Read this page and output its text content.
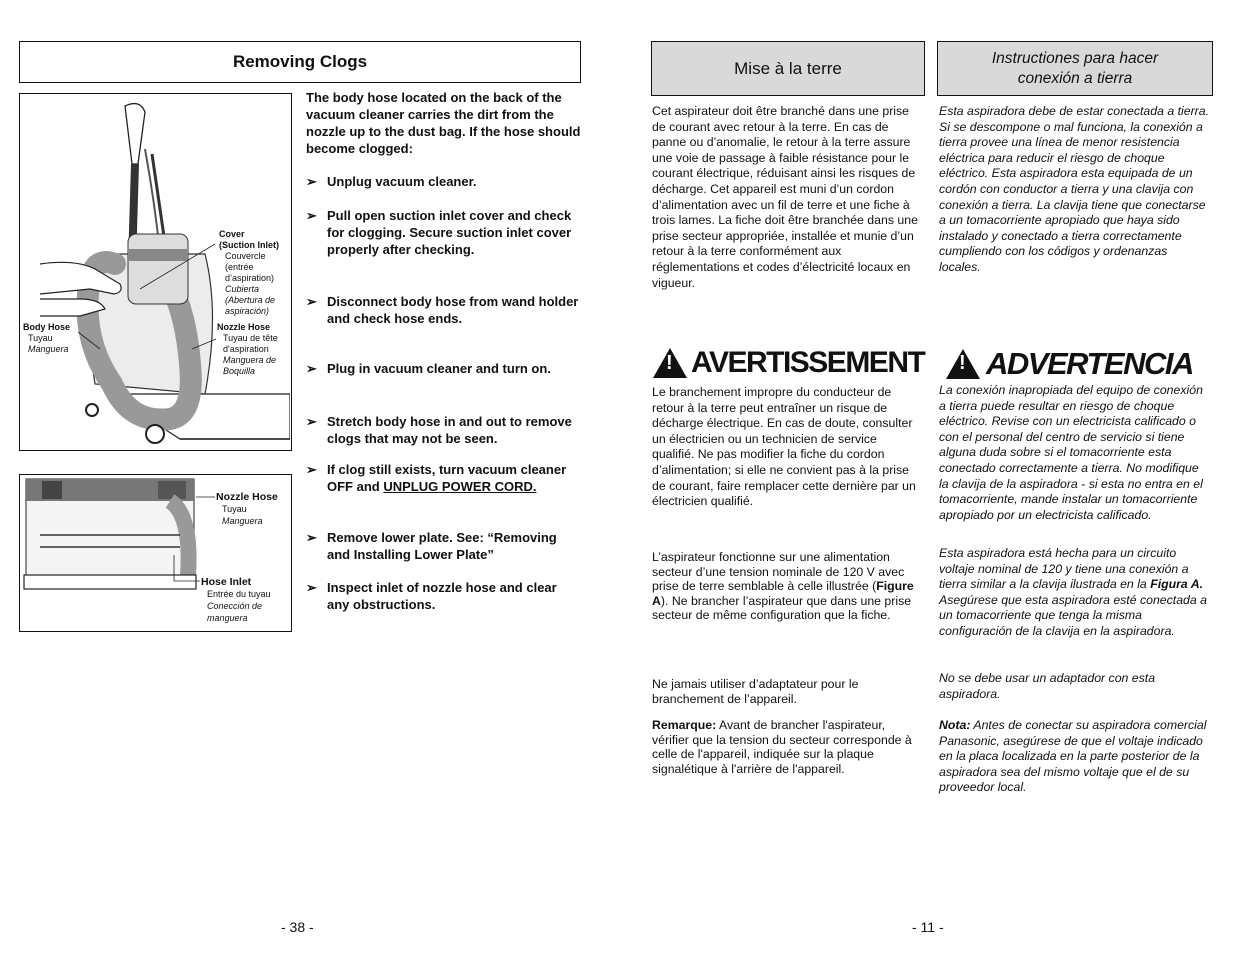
Removing Clogs
Cover
(Suction Inlet)
Couvercle
(entrée
d’aspiration)
Cubierta
(Abertura de
aspiración)
Body Hose
Tuyau
Manguera
Nozzle Hose
Tuyau de tête
d'aspiration
Manguera de
Boquilla
Nozzle Hose
Tuyau
Manguera
Hose Inlet
Entrée du tuyau
Conección de
manguera
The body hose located on the back of the vacuum cleaner carries the dirt from the nozzle up to the dust bag. If the hose should become clogged:
➢ Unplug vacuum cleaner.
➢ Pull open suction inlet cover and check for clogging. Secure suction inlet cover properly after checking.
➢ Disconnect body hose from wand holder and check hose ends.
➢ Plug in vacuum cleaner and turn on.
➢ Stretch body hose in and out to remove clogs that may not be seen.
➢ If clog still exists, turn vacuum cleaner OFF and UNPLUG POWER CORD.
➢ Remove lower plate. See: “Removing and Installing Lower Plate”
➢ Inspect inlet of nozzle hose and clear any obstructions.
- 38 -
Mise à la terre
Instructiones para hacer
conexión a tierra
Cet aspirateur doit être branché dans une prise de courant avec retour à la terre. En cas de panne ou d’anomalie, le retour à la terre assure une voie de passage à faible résistance pour le courant électrique, réduisant ainsi les risques de décharge. Cet appareil est muni d’un cordon d’alimentation avec un fil de terre et une fiche à trois lames. La fiche doit être branchée dans une prise secteur appropriée, installée et munie d’un retour à la terre conformément aux réglementations et codes d’électricité locaux en vigueur.
Esta aspiradora debe de estar conectada a tierra. Si se descompone o mal funciona, la conexión a tierra provee una línea de menor resistencia eléctrica para reducir el riesgo de choque eléctrico. Esta aspiradora esta equipada de un cordón con conductor a tierra y una clavija con conexión a tierra. La clavija tiene que conectarse a un tomacorriente apropiado que haya sido instalado y conectado a tierra correctamente cumpliendo con los códigos y ordenanzas locales.
! AVERTISSEMENT ! ADVERTENCIA
Le branchement impropre du conducteur de retour à la terre peut entraîner un risque de décharge électrique. En cas de doute, consulter un électricien ou un technicien de service qualifié. Ne pas modifier la fiche du cordon d’alimentation; si elle ne convient pas à la prise de courant, faire remplacer cette dernière par un électricien qualifié.
La conexión inapropiada del equipo de conexión a tierra puede resultar en riesgo de choque eléctrico. Revise con un electricista calificado o con el personal del centro de servicio si tiene alguna duda sobre si el tomacorriente esta conectado correctamente a tierra. No modifique la clavija de la aspiradora - si esta no entra en el tomacorriente, mande instalar un tomacorriente apropiado por un electricista calificado.
L’aspirateur fonctionne sur une alimentation secteur d’une tension nominale de 120 V avec prise de terre semblable à celle illustrée (Figure A). Ne brancher l’aspirateur que dans une prise secteur de même configuration que la fiche.
Esta aspiradora está hecha para un circuito voltaje nominal de 120 y tiene una conexión a tierra similar a la clavija ilustrada en la Figura A. Asegúrese que esta aspiradora esté conectada a un tomacorriente que tenga la misma configuración de la clavija en la aspiradora.
Ne jamais utiliser d’adaptateur pour le branchement de l’appareil.
No se debe usar un adaptador con esta aspiradora.
Remarque: Avant de brancher l'aspirateur, vérifier que la tension du secteur corresponde à celle de l'appareil, indiquée sur la plaque signalétique à l'arrière de l'appareil.
Nota: Antes de conectar su aspiradora comercial Panasonic, asegúrese de que el voltaje indicado en la placa localizada en la parte posterior de la aspiradora sea del mismo voltaje que el de su proveedor local.
- 11 -
